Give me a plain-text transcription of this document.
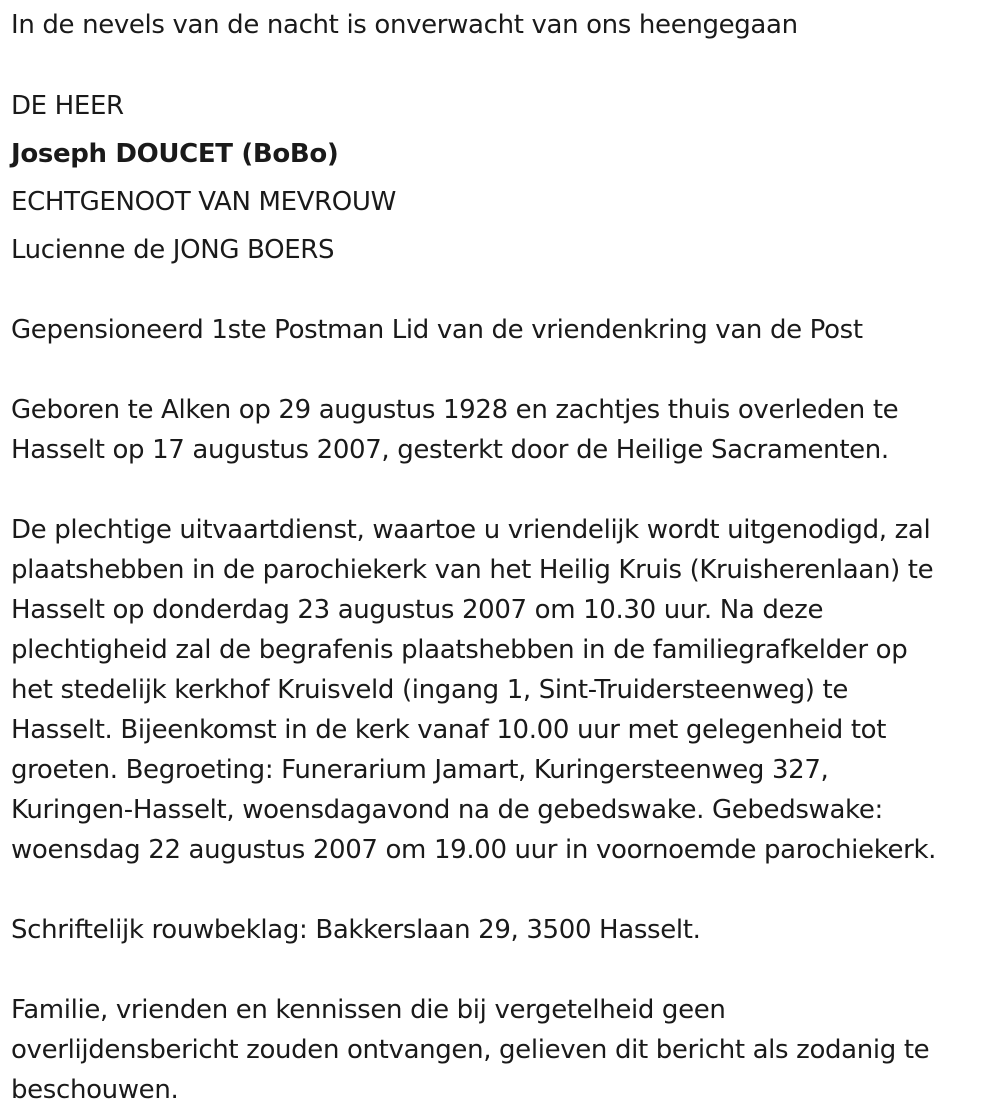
In de nevels van de nacht is onverwacht van ons heengegaan
DE HEER
Joseph DOUCET (BoBo)
ECHTGENOOT VAN MEVROUW
Lucienne de JONG BOERS
Gepensioneerd 1ste Postman Lid van de vriendenkring van de Post
Geboren te Alken op 29 augustus 1928 en zachtjes thuis overleden te
Hasselt op 17 augustus 2007, gesterkt door de Heilige Sacramenten.
De plechtige uitvaartdienst, waartoe u vriendelijk wordt uitgenodigd, zal
plaatshebben in de parochiekerk van het Heilig Kruis (Kruisherenlaan) te
Hasselt op donderdag 23 augustus 2007 om 10.30 uur. Na deze
plechtigheid zal de begrafenis plaatshebben in de familiegrafkelder op
het stedelijk kerkhof Kruisveld (ingang 1, Sint-Truidersteenweg) te
Hasselt. Bijeenkomst in de kerk vanaf 10.00 uur met gelegenheid tot
groeten. Begroeting: Funerarium Jamart, Kuringersteenweg 327,
Kuringen-Hasselt, woensdagavond na de gebedswake. Gebedswake:
woensdag 22 augustus 2007 om 19.00 uur in voornoemde parochiekerk.
Schriftelijk rouwbeklag: Bakkerslaan 29, 3500 Hasselt.
Familie, vrienden en kennissen die bij vergetelheid geen
overlijdensbericht zouden ontvangen, gelieven dit bericht als zodanig te
beschouwen.
